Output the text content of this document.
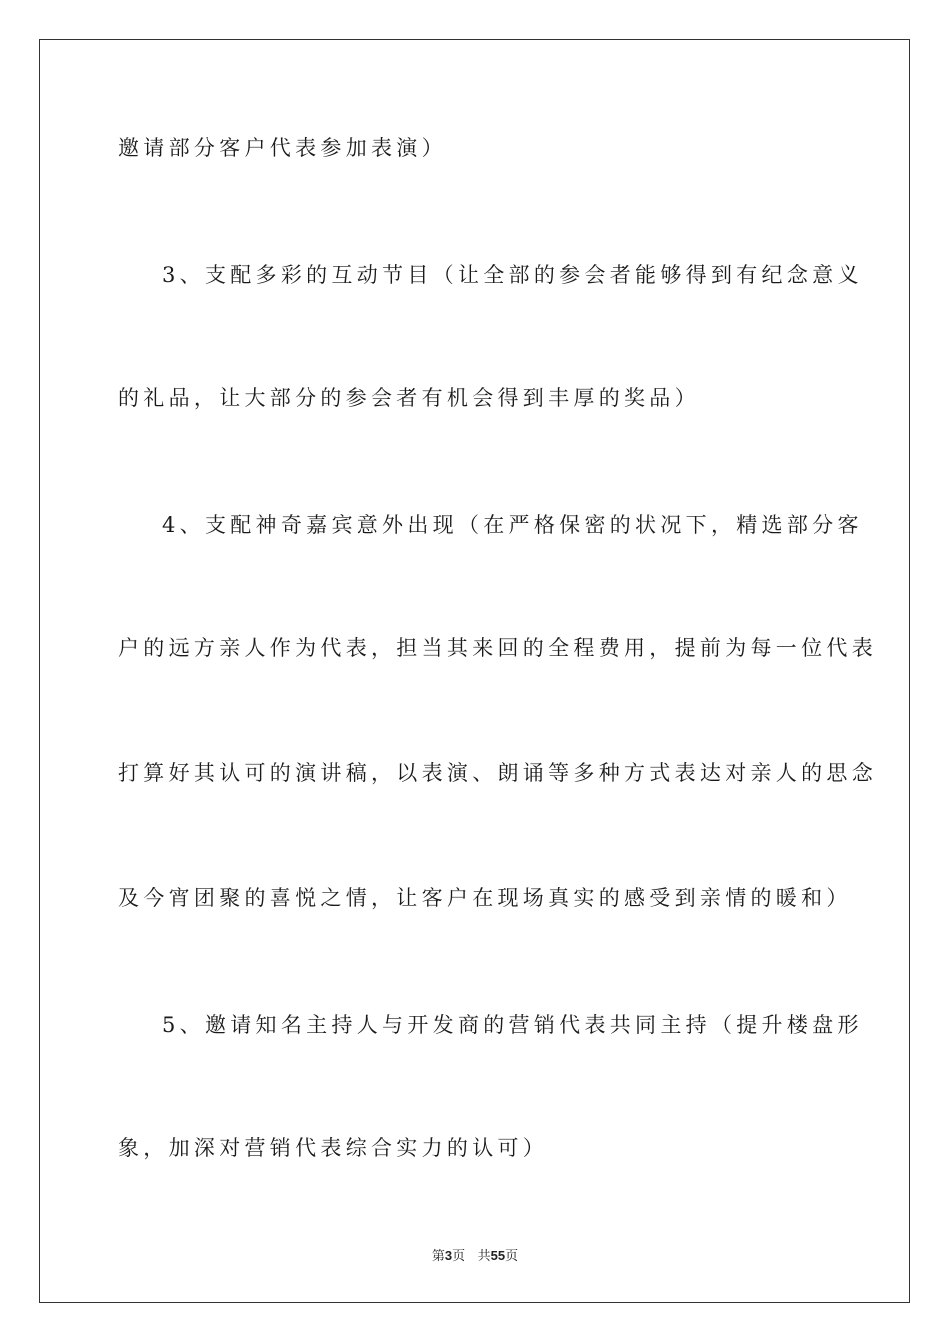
邀请部分客户代表参加表演）
3、支配多彩的互动节目（让全部的参会者能够得到有纪念意义
的礼品，让大部分的参会者有机会得到丰厚的奖品）
4、支配神奇嘉宾意外出现（在严格保密的状况下，精选部分客
户的远方亲人作为代表，担当其来回的全程费用，提前为每一位代表
打算好其认可的演讲稿，以表演、朗诵等多种方式表达对亲人的思念
及今宵团聚的喜悦之情，让客户在现场真实的感受到亲情的暖和）
5、邀请知名主持人与开发商的营销代表共同主持（提升楼盘形
象，加深对营销代表综合实力的认可）
第3页 共55页
